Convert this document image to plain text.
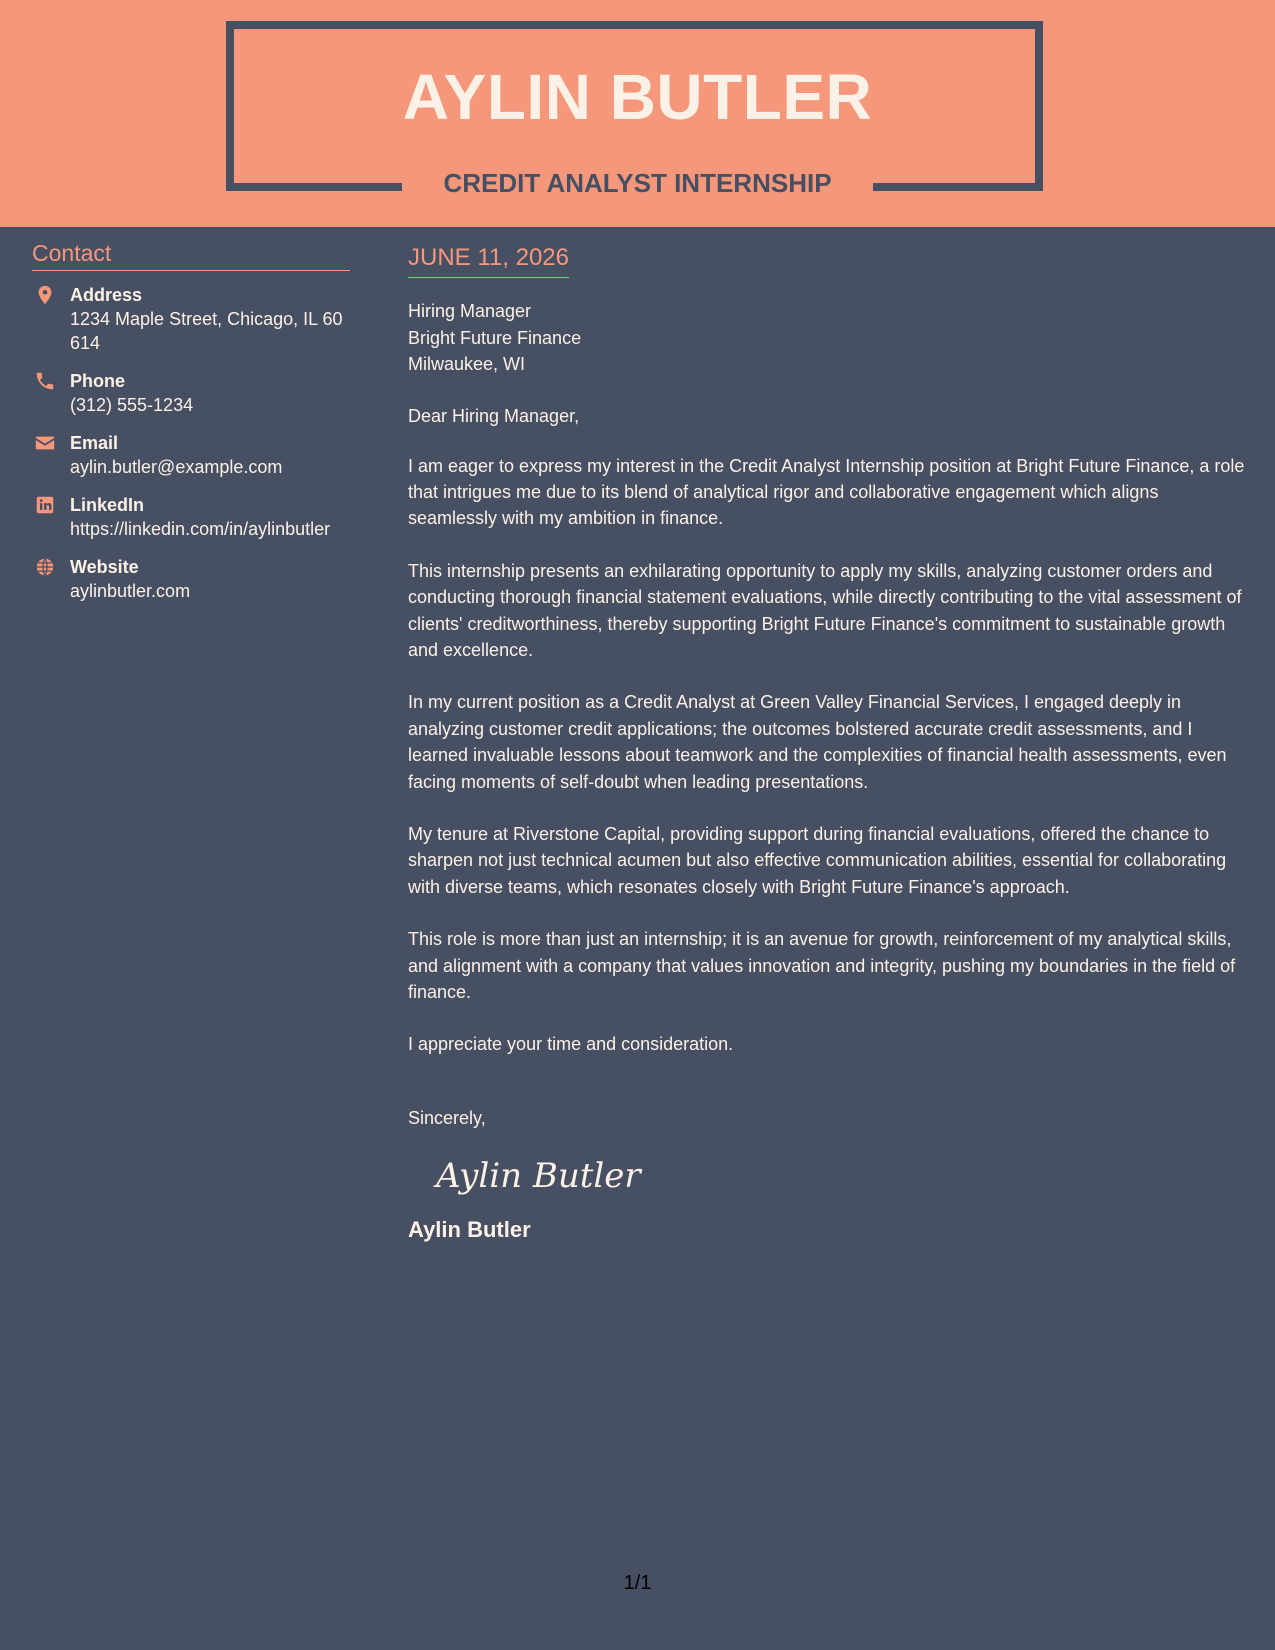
AYLIN BUTLER
CREDIT ANALYST INTERNSHIP
Contact
Address
1234 Maple Street, Chicago, IL 60614
Phone
(312) 555-1234
Email
aylin.butler@example.com
LinkedIn
https://linkedin.com/in/aylinbutler
Website
aylinbutler.com
JUNE 11, 2026
Hiring Manager
Bright Future Finance
Milwaukee, WI
Dear Hiring Manager,

I am eager to express my interest in the Credit Analyst Internship position at Bright Future Finance, a role that intrigues me due to its blend of analytical rigor and collaborative engagement which aligns seamlessly with my ambition in finance.

This internship presents an exhilarating opportunity to apply my skills, analyzing customer orders and conducting thorough financial statement evaluations, while directly contributing to the vital assessment of clients' creditworthiness, thereby supporting Bright Future Finance's commitment to sustainable growth and excellence.

In my current position as a Credit Analyst at Green Valley Financial Services, I engaged deeply in analyzing customer credit applications; the outcomes bolstered accurate credit assessments, and I learned invaluable lessons about teamwork and the complexities of financial health assessments, even facing moments of self-doubt when leading presentations.

My tenure at Riverstone Capital, providing support during financial evaluations, offered the chance to sharpen not just technical acumen but also effective communication abilities, essential for collaborating with diverse teams, which resonates closely with Bright Future Finance's approach.

This role is more than just an internship; it is an avenue for growth, reinforcement of my analytical skills, and alignment with a company that values innovation and integrity, pushing my boundaries in the field of finance.

I appreciate your time and consideration.

Sincerely,
Aylin Butler
Aylin Butler
1/1
